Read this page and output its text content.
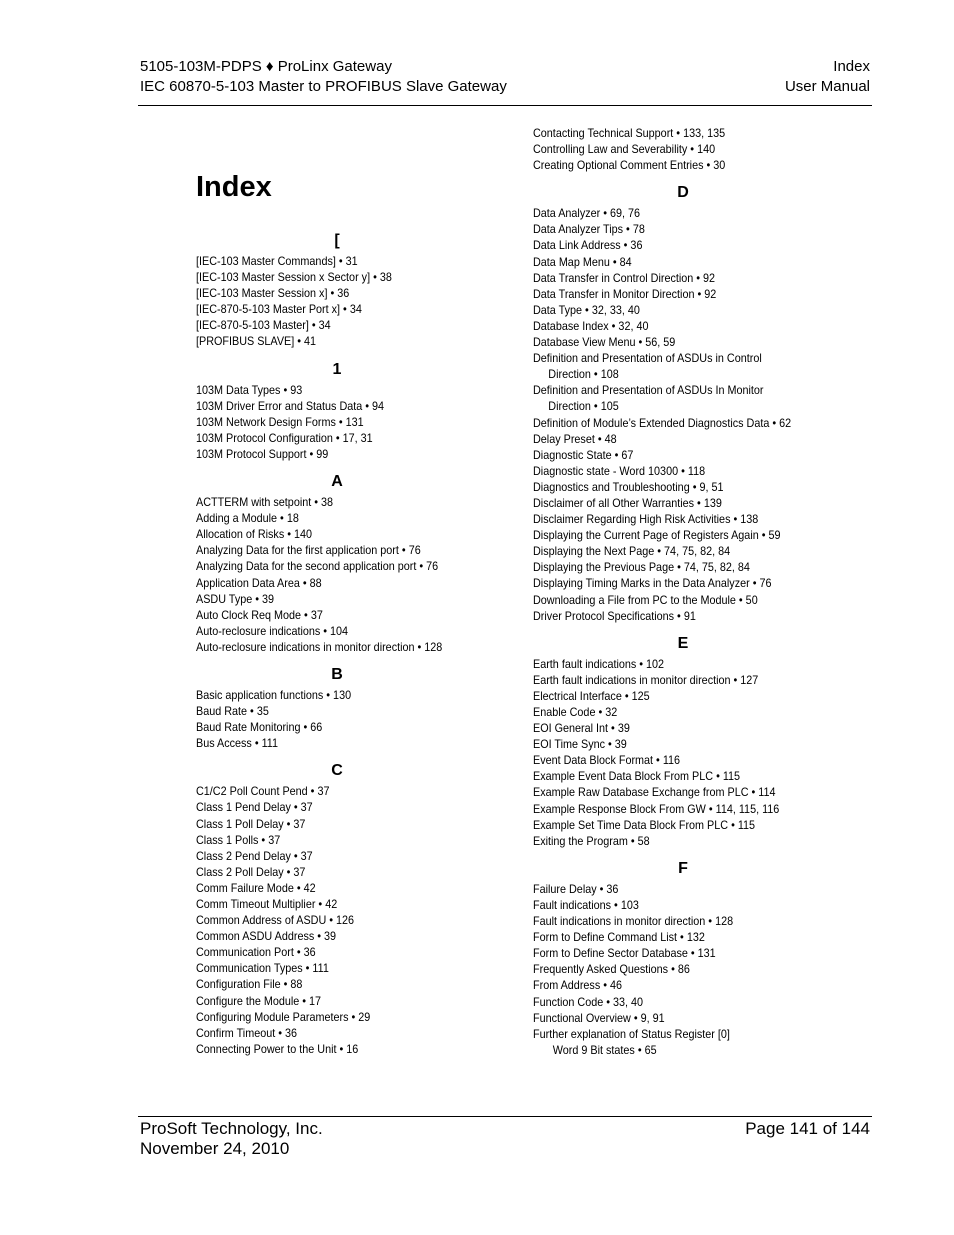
5105-103M-PDPS ♦ ProLinx Gateway
IEC 60870-5-103 Master to PROFIBUS Slave Gateway
Index
User Manual
Index
[
[IEC-103 Master Commands] • 31
[IEC-103 Master Session x Sector y] • 38
[IEC-103 Master Session x] • 36
[IEC-870-5-103 Master Port x] • 34
[IEC-870-5-103 Master] • 34
[PROFIBUS SLAVE] • 41
1
103M Data Types • 93
103M Driver Error and Status Data • 94
103M Network Design Forms • 131
103M Protocol Configuration • 17, 31
103M Protocol Support • 99
A
ACTTERM with setpoint • 38
Adding a Module • 18
Allocation of Risks • 140
Analyzing Data for the first application port • 76
Analyzing Data for the second application port • 76
Application Data Area • 88
ASDU Type • 39
Auto Clock Req Mode • 37
Auto-reclosure indications • 104
Auto-reclosure indications in monitor direction • 128
B
Basic application functions • 130
Baud Rate • 35
Baud Rate Monitoring • 66
Bus Access • 111
C
C1/C2 Poll Count Pend • 37
Class 1 Pend Delay • 37
Class 1 Poll Delay • 37
Class 1 Polls • 37
Class 2 Pend Delay • 37
Class 2 Poll Delay • 37
Comm Failure Mode • 42
Comm Timeout Multiplier • 42
Common Address of ASDU • 126
Common ASDU Address • 39
Communication Port • 36
Communication Types • 111
Configuration File • 88
Configure the Module • 17
Configuring Module Parameters • 29
Confirm Timeout • 36
Connecting Power to the Unit • 16
Contacting Technical Support • 133, 135
Controlling Law and Severability • 140
Creating Optional Comment Entries • 30
D
Data Analyzer • 69, 76
Data Analyzer Tips • 78
Data Link Address • 36
Data Map Menu • 84
Data Transfer in Control Direction • 92
Data Transfer in Monitor Direction • 92
Data Type • 32, 33, 40
Database Index • 32, 40
Database View Menu • 56, 59
Definition and Presentation of ASDUs in Control
Direction • 108
Definition and Presentation of ASDUs In Monitor
Direction • 105
Definition of Module’s Extended Diagnostics Data • 62
Delay Preset • 48
Diagnostic State • 67
Diagnostic state - Word 10300 • 118
Diagnostics and Troubleshooting • 9, 51
Disclaimer of all Other Warranties • 139
Disclaimer Regarding High Risk Activities • 138
Displaying the Current Page of Registers Again • 59
Displaying the Next Page • 74, 75, 82, 84
Displaying the Previous Page • 74, 75, 82, 84
Displaying Timing Marks in the Data Analyzer • 76
Downloading a File from PC to the Module • 50
Driver Protocol Specifications • 91
E
Earth fault indications • 102
Earth fault indications in monitor direction • 127
Electrical Interface • 125
Enable Code • 32
EOI General Int • 39
EOI Time Sync • 39
Event Data Block Format • 116
Example Event Data Block From PLC • 115
Example Raw Database Exchange from PLC • 114
Example Response Block From GW • 114, 115, 116
Example Set Time Data Block From PLC • 115
Exiting the Program • 58
F
Failure Delay • 36
Fault indications • 103
Fault indications in monitor direction • 128
Form to Define Command List • 132
Form to Define Sector Database • 131
Frequently Asked Questions • 86
From Address • 46
Function Code • 33, 40
Functional Overview • 9, 91
Further explanation of Status Register [0]
Word 9 Bit states • 65
ProSoft Technology, Inc.
November 24, 2010
Page 141 of 144
